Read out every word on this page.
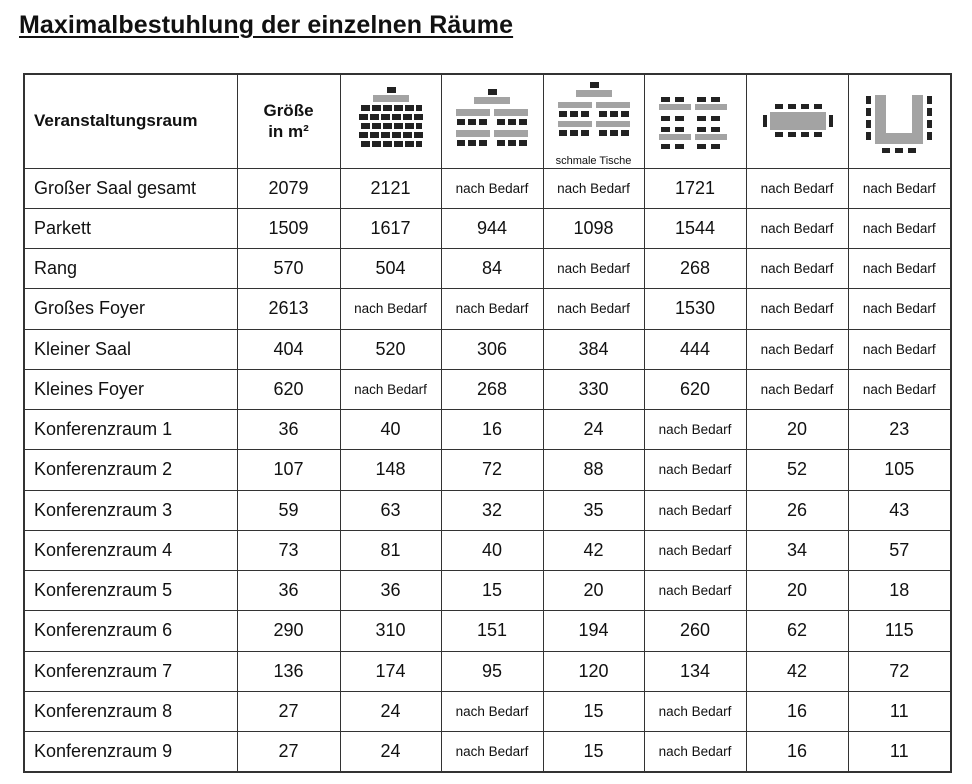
Maximalbestuhlung der einzelnen Räume
Veranstaltungsraum	Größe
in m²			schmale Tische

Großer Saal gesamt	2079	2121	nach Bedarf	nach Bedarf	1721	nach Bedarf	nach Bedarf
Parkett	1509	1617	944	1098	1544	nach Bedarf	nach Bedarf
Rang	570	504	84	nach Bedarf	268	nach Bedarf	nach Bedarf
Großes Foyer	2613	nach Bedarf	nach Bedarf	nach Bedarf	1530	nach Bedarf	nach Bedarf
Kleiner Saal	404	520	306	384	444	nach Bedarf	nach Bedarf
Kleines Foyer	620	nach Bedarf	268	330	620	nach Bedarf	nach Bedarf
Konferenzraum 1	36	40	16	24	nach Bedarf	20	23
Konferenzraum 2	107	148	72	88	nach Bedarf	52	105
Konferenzraum 3	59	63	32	35	nach Bedarf	26	43
Konferenzraum 4	73	81	40	42	nach Bedarf	34	57
Konferenzraum 5	36	36	15	20	nach Bedarf	20	18
Konferenzraum 6	290	310	151	194	260	62	115
Konferenzraum 7	136	174	95	120	134	42	72
Konferenzraum 8	27	24	nach Bedarf	15	nach Bedarf	16	11
Konferenzraum 9	27	24	nach Bedarf	15	nach Bedarf	16	11
